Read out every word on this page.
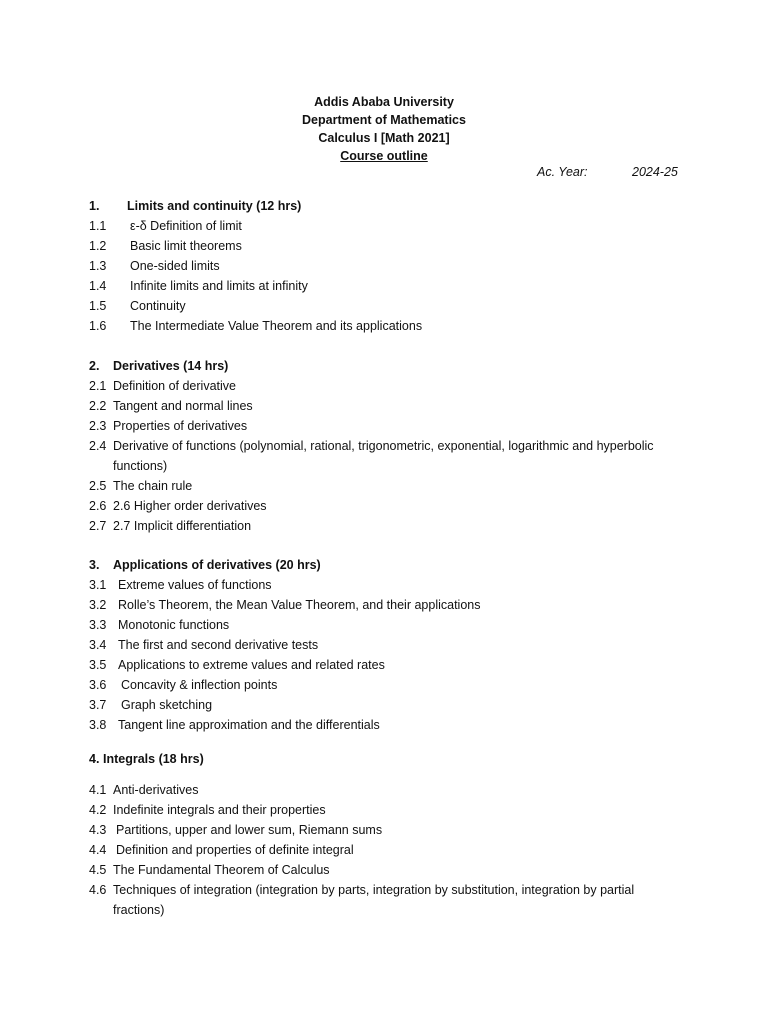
Addis Ababa University
Department of Mathematics
Calculus I [Math 2021]
Course outline
Ac. Year:	2024-25
1. Limits and continuity (12 hrs)
1.1 ε-δ Definition of limit
1.2 Basic limit theorems
1.3 One-sided limits
1.4 Infinite limits and limits at infinity
1.5 Continuity
1.6 The Intermediate Value Theorem and its applications
2. Derivatives (14 hrs)
2.1 Definition of derivative
2.2 Tangent and normal lines
2.3 Properties of derivatives
2.4 Derivative of functions (polynomial, rational, trigonometric, exponential, logarithmic and hyperbolic functions)
2.5 The chain rule
2.6 2.6 Higher order derivatives
2.7 2.7 Implicit differentiation
3. Applications of derivatives (20 hrs)
3.1 Extreme values of functions
3.2 Rolle’s Theorem, the Mean Value Theorem, and their applications
3.3 Monotonic functions
3.4 The first and second derivative tests
3.5 Applications to extreme values and related rates
3.6 Concavity & inflection points
3.7 Graph sketching
3.8 Tangent line approximation and the differentials
4. Integrals (18 hrs)
4.1 Anti-derivatives
4.2 Indefinite integrals and their properties
4.3 Partitions, upper and lower sum, Riemann sums
4.4 Definition and properties of definite integral
4.5 The Fundamental Theorem of Calculus
4.6 Techniques of integration (integration by parts, integration by substitution, integration by partial fractions)
